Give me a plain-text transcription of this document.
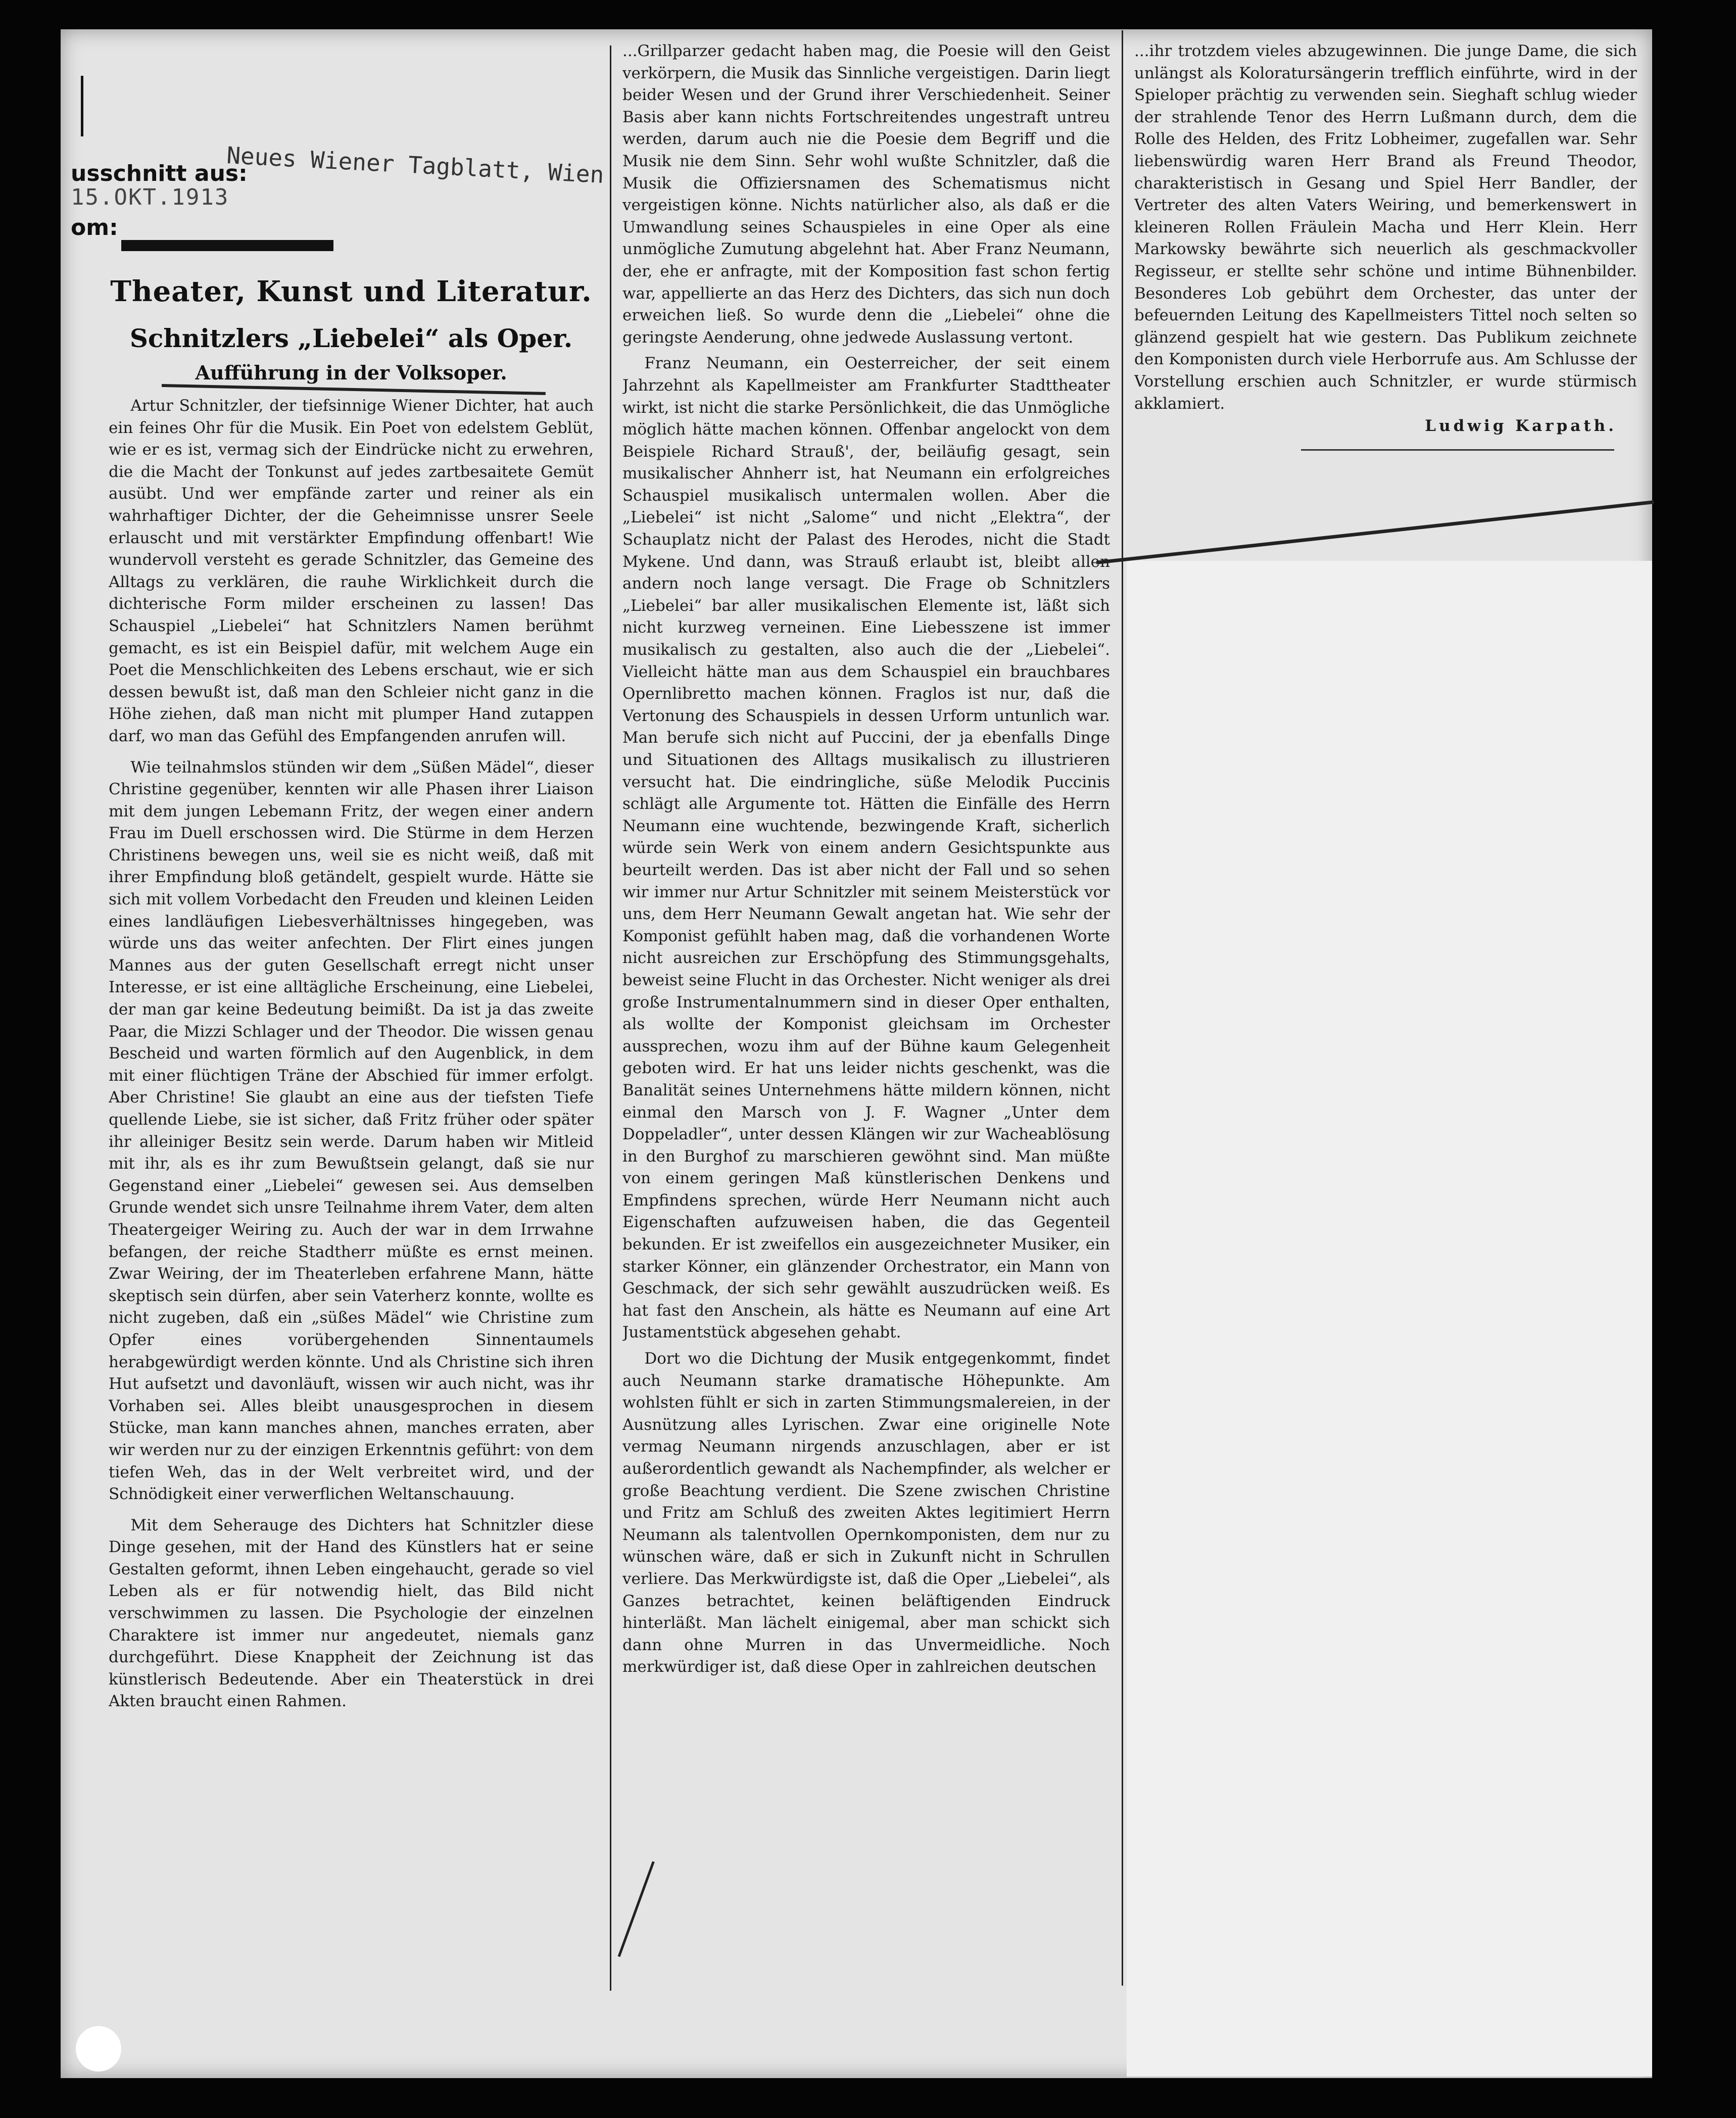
Neues Wiener Tagblatt, Wien
usschnitt aus:
15.OKT.1913
om:
Theater, Kunst und Literatur.
Schnitzlers „Liebelei“ als Oper.
Aufführung in der Volksoper.

Artur Schnitzler, der tiefsinnige Wiener Dichter, hat auch ein feines Ohr für die Musik. Ein Poet von edelstem Geblüt, wie er es ist, vermag sich der Eindrücke nicht zu erwehren, die die Macht der Tonkunst auf jedes zartbesaitete Gemüt ausübt. Und wer empfände zarter und reiner als ein wahrhaftiger Dichter, der die Geheimnisse unsrer Seele erlauscht und mit verstärkter Empfindung offenbart! Wie wundervoll versteht es gerade Schnitzler, das Gemeine des Alltags zu verklären, die rauhe Wirklichkeit durch die dichterische Form milder erscheinen zu lassen! Das Schauspiel „Liebelei“ hat Schnitzlers Namen berühmt gemacht, es ist ein Beispiel dafür, mit welchem Auge ein Poet die Menschlichkeiten des Lebens erschaut, wie er sich dessen bewußt ist, daß man den Schleier nicht ganz in die Höhe ziehen, daß man nicht mit plumper Hand zutappen darf, wo man das Gefühl des Empfangenden anrufen will.

Wie teilnahmslos stünden wir dem „Süßen Mädel“, dieser Christine gegenüber, kennten wir alle Phasen ihrer Liaison mit dem jungen Lebemann Fritz, der wegen einer andern Frau im Duell erschossen wird. Die Stürme in dem Herzen Christinens bewegen uns, weil sie es nicht weiß, daß mit ihrer Empfindung bloß getändelt, gespielt wurde. Hätte sie sich mit vollem Vorbedacht den Freuden und kleinen Leiden eines landläufigen Liebesverhältnisses hingegeben, was würde uns das weiter anfechten. Der Flirt eines jungen Mannes aus der guten Gesellschaft erregt nicht unser Interesse, er ist eine alltägliche Erscheinung, eine Liebelei, der man gar keine Bedeutung beimißt. Da ist ja das zweite Paar, die Mizzi Schlager und der Theodor. Die wissen genau Bescheid und warten förmlich auf den Augenblick, in dem mit einer flüchtigen Träne der Abschied für immer erfolgt. Aber Christine! Sie glaubt an eine aus der tiefsten Tiefe quellende Liebe, sie ist sicher, daß Fritz früher oder später ihr alleiniger Besitz sein werde. Darum haben wir Mitleid mit ihr, als es ihr zum Bewußtsein gelangt, daß sie nur Gegenstand einer „Liebelei“ gewesen sei. Aus demselben Grunde wendet sich unsre Teilnahme ihrem Vater, dem alten Theatergeiger Weiring zu. Auch der war in dem Irrwahne befangen, der reiche Stadtherr müßte es ernst meinen. Zwar Weiring, der im Theaterleben erfahrene Mann, hätte skeptisch sein dürfen, aber sein Vaterherz konnte, wollte es nicht zugeben, daß ein „süßes Mädel“ wie Christine zum Opfer eines vorübergehenden Sinnentaumels herabgewürdigt werden könnte. Und als Christine sich ihren Hut aufsetzt und davonläuft, wissen wir auch nicht, was ihr Vorhaben sei. Alles bleibt unausgesprochen in diesem Stücke, man kann manches ahnen, manches erraten, aber wir werden nur zu der einzigen Erkenntnis geführt: von dem tiefen Weh, das in der Welt verbreitet wird, und der Schnödigkeit einer verwerflichen Weltanschauung.

Mit dem Seherauge des Dichters hat Schnitzler diese Dinge gesehen, mit der Hand des Künstlers hat er seine Gestalten geformt, ihnen Leben eingehaucht, gerade so viel Leben als er für notwendig hielt, das Bild nicht verschwimmen zu lassen. Die Psychologie der einzelnen Charaktere ist immer nur angedeutet, niemals ganz durchgeführt. Diese Knappheit der Zeichnung ist das künstlerisch Bedeutende. Aber ein Theaterstück in drei Akten braucht einen Rahmen.

...Grillparzer gedacht haben mag, die Poesie will den Geist verkörpern, die Musik das Sinnliche vergeistigen. Darin liegt beider Wesen und der Grund ihrer Verschiedenheit. Seiner Basis aber kann nichts Fortschreitendes ungestraft untreu werden, darum auch nie die Poesie dem Begriff und die Musik nie dem Sinn. Sehr wohl wußte Schnitzler, daß die Musik die Offiziersnamen des Schematismus nicht vergeistigen könne. Nichts natürlicher also, als daß er die Umwandlung seines Schauspieles in eine Oper als eine unmögliche Zumutung abgelehnt hat. Aber Franz Neumann, der, ehe er anfragte, mit der Komposition fast schon fertig war, appellierte an das Herz des Dichters, das sich nun doch erweichen ließ. So wurde denn die „Liebelei“ ohne die geringste Aenderung, ohne jedwede Auslassung vertont.

Franz Neumann, ein Oesterreicher, der seit einem Jahrzehnt als Kapellmeister am Frankfurter Stadttheater wirkt, ist nicht die starke Persönlichkeit, die das Unmögliche möglich hätte machen können. Offenbar angelockt von dem Beispiele Richard Strauß', der, beiläufig gesagt, sein musikalischer Ahnherr ist, hat Neumann ein erfolgreiches Schauspiel musikalisch untermalen wollen. Aber die „Liebelei“ ist nicht „Salome“ und nicht „Elektra“, der Schauplatz nicht der Palast des Herodes, nicht die Stadt Mykene. Und dann, was Strauß erlaubt ist, bleibt allen andern noch lange versagt. Die Frage ob Schnitzlers „Liebelei“ bar aller musikalischen Elemente ist, läßt sich nicht kurzweg verneinen. Eine Liebesszene ist immer musikalisch zu gestalten, also auch die der „Liebelei“. Vielleicht hätte man aus dem Schauspiel ein brauchbares Opernlibretto machen können. Fraglos ist nur, daß die Vertonung des Schauspiels in dessen Urform untunlich war. Man berufe sich nicht auf Puccini, der ja ebenfalls Dinge und Situationen des Alltags musikalisch zu illustrieren versucht hat. Die eindringliche, süße Melodik Puccinis schlägt alle Argumente tot. Hätten die Einfälle des Herrn Neumann eine wuchtende, bezwingende Kraft, sicherlich würde sein Werk von einem andern Gesichtspunkte aus beurteilt werden. Das ist aber nicht der Fall und so sehen wir immer nur Artur Schnitzler mit seinem Meisterstück vor uns, dem Herr Neumann Gewalt angetan hat. Wie sehr der Komponist gefühlt haben mag, daß die vorhandenen Worte nicht ausreichen zur Erschöpfung des Stimmungsgehalts, beweist seine Flucht in das Orchester. Nicht weniger als drei große Instrumentalnummern sind in dieser Oper enthalten, als wollte der Komponist gleichsam im Orchester aussprechen, wozu ihm auf der Bühne kaum Gelegenheit geboten wird. Er hat uns leider nichts geschenkt, was die Banalität seines Unternehmens hätte mildern können, nicht einmal den Marsch von J. F. Wagner „Unter dem Doppeladler“, unter dessen Klängen wir zur Wacheablösung in den Burghof zu marschieren gewöhnt sind. Man müßte von einem geringen Maß künstlerischen Denkens und Empfindens sprechen, würde Herr Neumann nicht auch Eigenschaften aufzuweisen haben, die das Gegenteil bekunden. Er ist zweifellos ein ausgezeichneter Musiker, ein starker Könner, ein glänzender Orchestrator, ein Mann von Geschmack, der sich sehr gewählt auszudrücken weiß. Es hat fast den Anschein, als hätte es Neumann auf eine Art Justamentstück abgesehen gehabt.

Dort wo die Dichtung der Musik entgegenkommt, findet auch Neumann starke dramatische Höhepunkte. Am wohlsten fühlt er sich in zarten Stimmungsmalereien, in der Ausnützung alles Lyrischen. Zwar eine originelle Note vermag Neumann nirgends anzuschlagen, aber er ist außerordentlich gewandt als Nachempfinder, als welcher er große Beachtung verdient. Die Szene zwischen Christine und Fritz am Schluß des zweiten Aktes legitimiert Herrn Neumann als talentvollen Opernkomponisten, dem nur zu wünschen wäre, daß er sich in Zukunft nicht in Schrullen verliere. Das Merkwürdigste ist, daß die Oper „Liebelei“, als Ganzes betrachtet, keinen beläftigenden Eindruck hinterläßt. Man lächelt einigemal, aber man schickt sich dann ohne Murren in das Unvermeidliche. Noch merkwürdiger ist, daß diese Oper in zahlreichen deutschen

...ihr trotzdem vieles abzugewinnen. Die junge Dame, die sich unlängst als Koloratursängerin trefflich einführte, wird in der Spieloper prächtig zu verwenden sein. Sieghaft schlug wieder der strahlende Tenor des Herrn Lußmann durch, dem die Rolle des Helden, des Fritz Lobheimer, zugefallen war. Sehr liebenswürdig waren Herr Brand als Freund Theodor, charakteristisch in Gesang und Spiel Herr Bandler, der Vertreter des alten Vaters Weiring, und bemerkenswert in kleineren Rollen Fräulein Macha und Herr Klein. Herr Markowsky bewährte sich neuerlich als geschmackvoller Regisseur, er stellte sehr schöne und intime Bühnenbilder. Besonderes Lob gebührt dem Orchester, das unter der befeuernden Leitung des Kapellmeisters Tittel noch selten so glänzend gespielt hat wie gestern. Das Publikum zeichnete den Komponisten durch viele Herborrufe aus. Am Schlusse der Vorstellung erschien auch Schnitzler, er wurde stürmisch akklamiert.

Ludwig Karpath.
